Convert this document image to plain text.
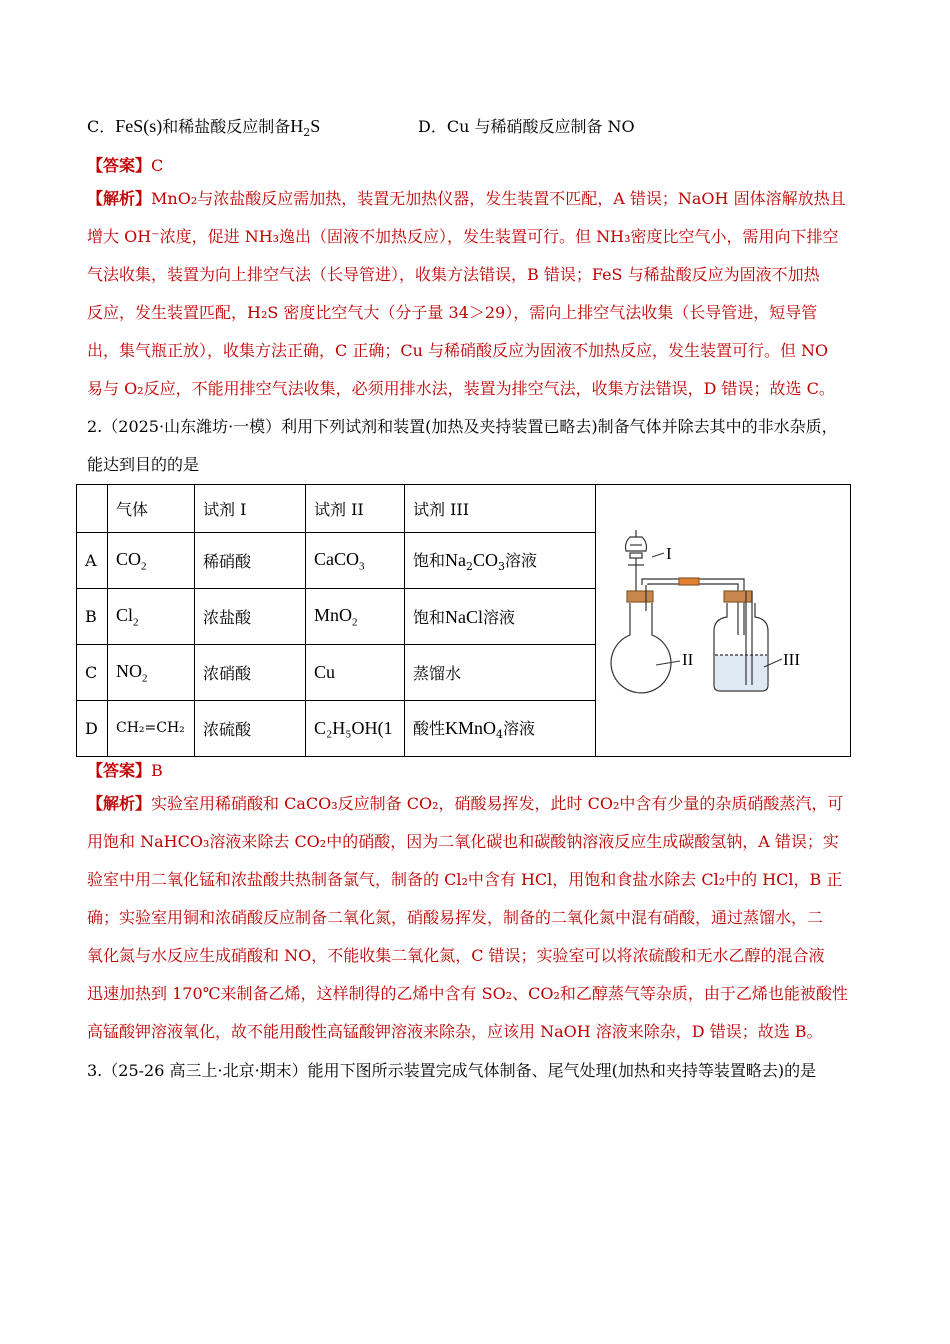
C．FeS(s)和稀盐酸反应制备$H_2S$	D．Cu 与稀硝酸反应制备 NO
【答案】C
【解析】MnO₂与浓盐酸反应需加热，装置无加热仪器，发生装置不匹配，A 错误；NaOH 固体溶解放热且
增大 OH⁻浓度，促进 NH₃逸出（固液不加热反应），发生装置可行。但 NH₃密度比空气小，需用向下排空
气法收集，装置为向上排空气法（长导管进），收集方法错误，B 错误；FeS 与稀盐酸反应为固液不加热
反应，发生装置匹配，H₂S 密度比空气大（分子量 34＞29），需向上排空气法收集（长导管进，短导管
出，集气瓶正放），收集方法正确，C 正确；Cu 与稀硝酸反应为固液不加热反应，发生装置可行。但 NO
易与 O₂反应，不能用排空气法收集，必须用排水法，装置为排空气法，收集方法错误，D 错误；故选 C。
2.（2025·山东潍坊·一模）利用下列试剂和装置(加热及夹持装置已略去)制备气体并除去其中的非水杂质，
能达到目的的是
	气体	试剂 I	试剂 II	试剂 III	I
II III

A	$CO_2$	稀硝酸	CaCO$_3$	饱和$Na_2CO_3$溶液	
B	$Cl_2$	浓盐酸	MnO$_2$	饱和NaCl溶液	
C	$NO_2$	浓硝酸	Cu	蒸馏水	
D	CH₂=CH₂	浓硫酸	C₂H₅OH(1	酸性KMnO$_4$溶液	
【答案】B
【解析】实验室用稀硝酸和 CaCO₃反应制备 CO₂，硝酸易挥发，此时 CO₂中含有少量的杂质硝酸蒸汽，可
用饱和 NaHCO₃溶液来除去 CO₂中的硝酸，因为二氧化碳也和碳酸钠溶液反应生成碳酸氢钠，A 错误；实
验室中用二氧化锰和浓盐酸共热制备氯气，制备的 Cl₂中含有 HCl，用饱和食盐水除去 Cl₂中的 HCl，B 正
确；实验室用铜和浓硝酸反应制备二氧化氮，硝酸易挥发，制备的二氧化氮中混有硝酸，通过蒸馏水，二
氧化氮与水反应生成硝酸和 NO，不能收集二氧化氮，C 错误；实验室可以将浓硫酸和无水乙醇的混合液
迅速加热到 170℃来制备乙烯，这样制得的乙烯中含有 SO₂、CO₂和乙醇蒸气等杂质，由于乙烯也能被酸性
高锰酸钾溶液氧化，故不能用酸性高锰酸钾溶液来除杂，应该用 NaOH 溶液来除杂，D 错误；故选 B。
3.（25-26 高三上·北京·期末）能用下图所示装置完成气体制备、尾气处理(加热和夹持等装置略去)的是
